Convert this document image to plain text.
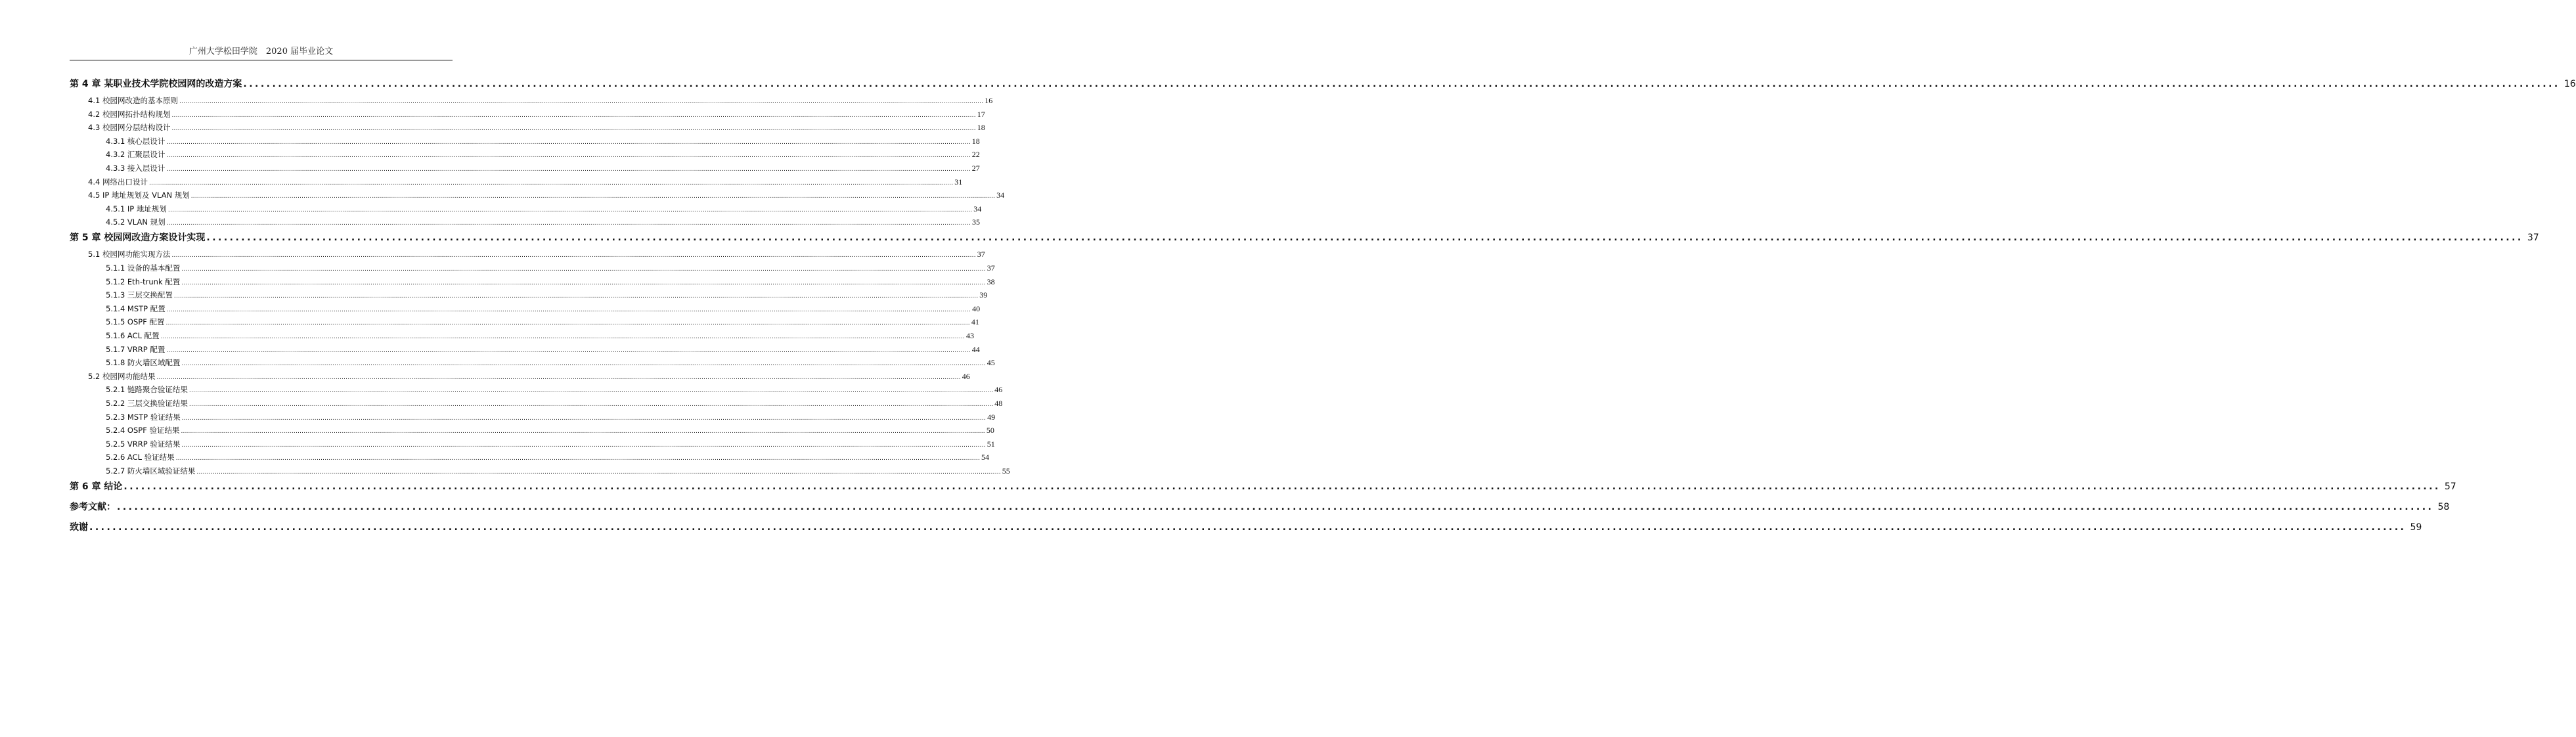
广州大学松田学院　2020 届毕业论文
第 4 章 某职业技术学院校园网的改造方案 ................................................................................................................................................................................................................................................................................................................................................................................................................ 16
4.1 校园网改造的基本原则 ................................................................................................................................................................................................................................................................................................................................................................................................................ 16
4.2 校园网拓扑结构规划 ................................................................................................................................................................................................................................................................................................................................................................................................................ 17
4.3 校园网分层结构设计 ................................................................................................................................................................................................................................................................................................................................................................................................................ 18
4.3.1 核心层设计 ................................................................................................................................................................................................................................................................................................................................................................................................................ 18
4.3.2 汇聚层设计 ................................................................................................................................................................................................................................................................................................................................................................................................................ 22
4.3.3 接入层设计 ................................................................................................................................................................................................................................................................................................................................................................................................................ 27
4.4 网络出口设计 ................................................................................................................................................................................................................................................................................................................................................................................................................ 31
4.5 IP 地址规划及 VLAN 规划 ................................................................................................................................................................................................................................................................................................................................................................................................................ 34
4.5.1 IP 地址规划 ................................................................................................................................................................................................................................................................................................................................................................................................................ 34
4.5.2 VLAN 规划 ................................................................................................................................................................................................................................................................................................................................................................................................................ 35
第 5 章 校园网改造方案设计实现 ................................................................................................................................................................................................................................................................................................................................................................................................................ 37
5.1 校园网功能实现方法 ................................................................................................................................................................................................................................................................................................................................................................................................................ 37
5.1.1 设备的基本配置 ................................................................................................................................................................................................................................................................................................................................................................................................................ 37
5.1.2 Eth-trunk 配置 ................................................................................................................................................................................................................................................................................................................................................................................................................ 38
5.1.3 三层交换配置 ................................................................................................................................................................................................................................................................................................................................................................................................................ 39
5.1.4 MSTP 配置 ................................................................................................................................................................................................................................................................................................................................................................................................................ 40
5.1.5 OSPF 配置 ................................................................................................................................................................................................................................................................................................................................................................................................................ 41
5.1.6 ACL 配置 ................................................................................................................................................................................................................................................................................................................................................................................................................ 43
5.1.7 VRRP 配置 ................................................................................................................................................................................................................................................................................................................................................................................................................ 44
5.1.8 防火墙区域配置 ................................................................................................................................................................................................................................................................................................................................................................................................................ 45
5.2 校园网功能结果 ................................................................................................................................................................................................................................................................................................................................................................................................................ 46
5.2.1 链路聚合验证结果 ................................................................................................................................................................................................................................................................................................................................................................................................................ 46
5.2.2 三层交换验证结果 ................................................................................................................................................................................................................................................................................................................................................................................................................ 48
5.2.3 MSTP 验证结果 ................................................................................................................................................................................................................................................................................................................................................................................................................ 49
5.2.4 OSPF 验证结果 ................................................................................................................................................................................................................................................................................................................................................................................................................ 50
5.2.5 VRRP 验证结果 ................................................................................................................................................................................................................................................................................................................................................................................................................ 51
5.2.6 ACL 验证结果 ................................................................................................................................................................................................................................................................................................................................................................................................................ 54
5.2.7 防火墙区域验证结果 ................................................................................................................................................................................................................................................................................................................................................................................................................ 55
第 6 章 结论 ................................................................................................................................................................................................................................................................................................................................................................................................................ 57
参考文献： ................................................................................................................................................................................................................................................................................................................................................................................................................ 58
致谢 ................................................................................................................................................................................................................................................................................................................................................................................................................ 59
